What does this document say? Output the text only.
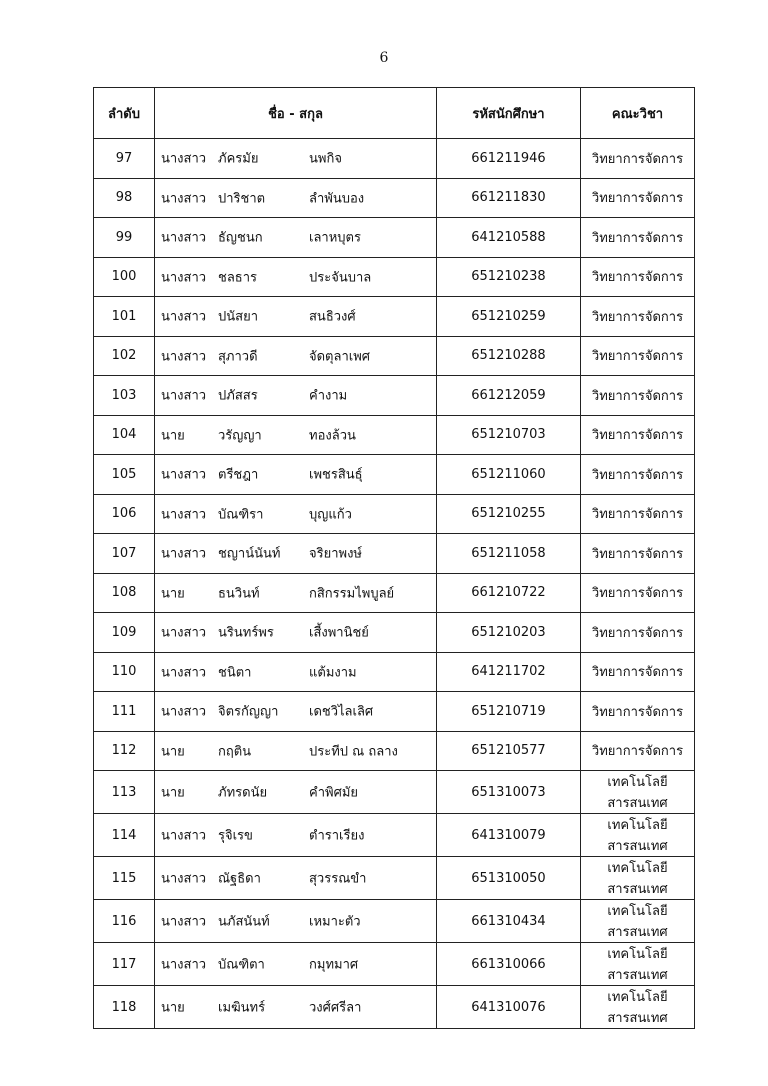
6
ลำดับ	ชื่อ - สกุล	รหัสนักศึกษา	คณะวิชา
97	นางสาว ภัครมัย นพกิจ	661211946	วิทยาการจัดการ
98	นางสาว ปาริชาต ลำพันบอง	661211830	วิทยาการจัดการ
99	นางสาว ธัญชนก เลาหบุตร	641210588	วิทยาการจัดการ
100	นางสาว ชลธาร ประจันบาล	651210238	วิทยาการจัดการ
101	นางสาว ปนัสยา สนธิวงศ์	651210259	วิทยาการจัดการ
102	นางสาว สุภาวดี จัดตุลาเพศ	651210288	วิทยาการจัดการ
103	นางสาว ปภัสสร คำงาม	661212059	วิทยาการจัดการ
104	นาย วรัญญา ทองล้วน	651210703	วิทยาการจัดการ
105	นางสาว ตรีชฎา เพชรสินธุ์	651211060	วิทยาการจัดการ
106	นางสาว บัณฑิรา บุญแก้ว	651210255	วิทยาการจัดการ
107	นางสาว ชญาน์นันท์ จริยาพงษ์	651211058	วิทยาการจัดการ
108	นาย ธนวินท์ กสิกรรมไพบูลย์	661210722	วิทยาการจัดการ
109	นางสาว นรินทร์พร เสี้งพานิชย์	651210203	วิทยาการจัดการ
110	นางสาว ชนิตา แต้มงาม	641211702	วิทยาการจัดการ
111	นางสาว จิตรกัญญา เดชวิไลเลิศ	651210719	วิทยาการจัดการ
112	นาย กฤติน ประทีป ณ ถลาง	651210577	วิทยาการจัดการ
113	นาย ภัทรดนัย คำพิศมัย	651310073	เทคโนโลยีสารสนเทศ
114	นางสาว รุจิเรข ตำราเรียง	641310079	เทคโนโลยีสารสนเทศ
115	นางสาว ณัฐธิดา สุวรรณขำ	651310050	เทคโนโลยีสารสนเทศ
116	นางสาว นภัสนันท์ เหมาะตัว	661310434	เทคโนโลยีสารสนเทศ
117	นางสาว บัณฑิตา กมุทมาศ	661310066	เทคโนโลยีสารสนเทศ
118	นาย เมฆินทร์ วงศ์ศรีลา	641310076	เทคโนโลยีสารสนเทศ
